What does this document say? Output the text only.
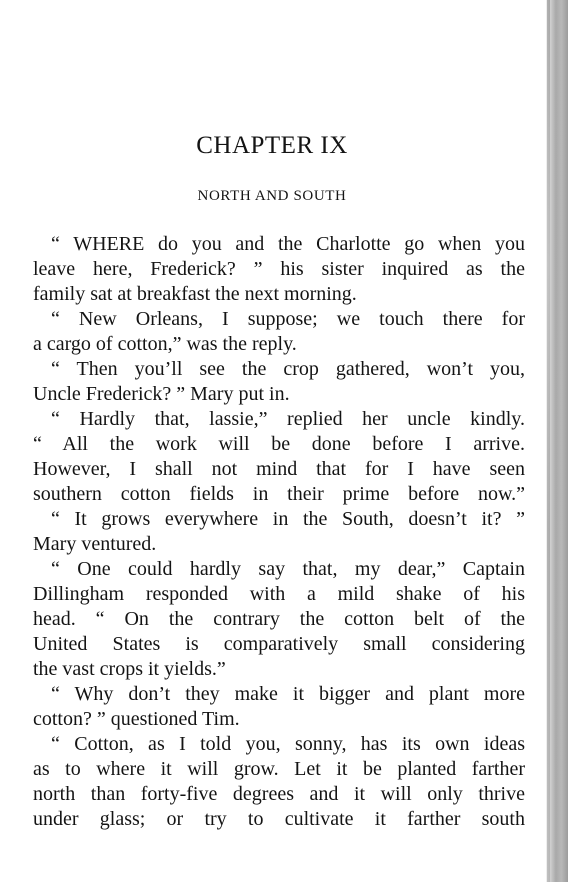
CHAPTER IX
NORTH AND SOUTH
“ WHERE do you and the Charlotte go when you
leave here, Frederick? ” his sister inquired as the
family sat at breakfast the next morning.
“ New Orleans, I suppose; we touch there for
a cargo of cotton,” was the reply.
“ Then you’ll see the crop gathered, won’t you,
Uncle Frederick? ” Mary put in.
“ Hardly that, lassie,” replied her uncle kindly.
“ All the work will be done before I arrive.
However, I shall not mind that for I have seen
southern cotton fields in their prime before now.”
“ It grows everywhere in the South, doesn’t it? ”
Mary ventured.
“ One could hardly say that, my dear,” Captain
Dillingham responded with a mild shake of his
head. “ On the contrary the cotton belt of the
United States is comparatively small considering
the vast crops it yields.”
“ Why don’t they make it bigger and plant more
cotton? ” questioned Tim.
“ Cotton, as I told you, sonny, has its own ideas
as to where it will grow. Let it be planted farther
north than forty-five degrees and it will only thrive
under glass; or try to cultivate it farther south
